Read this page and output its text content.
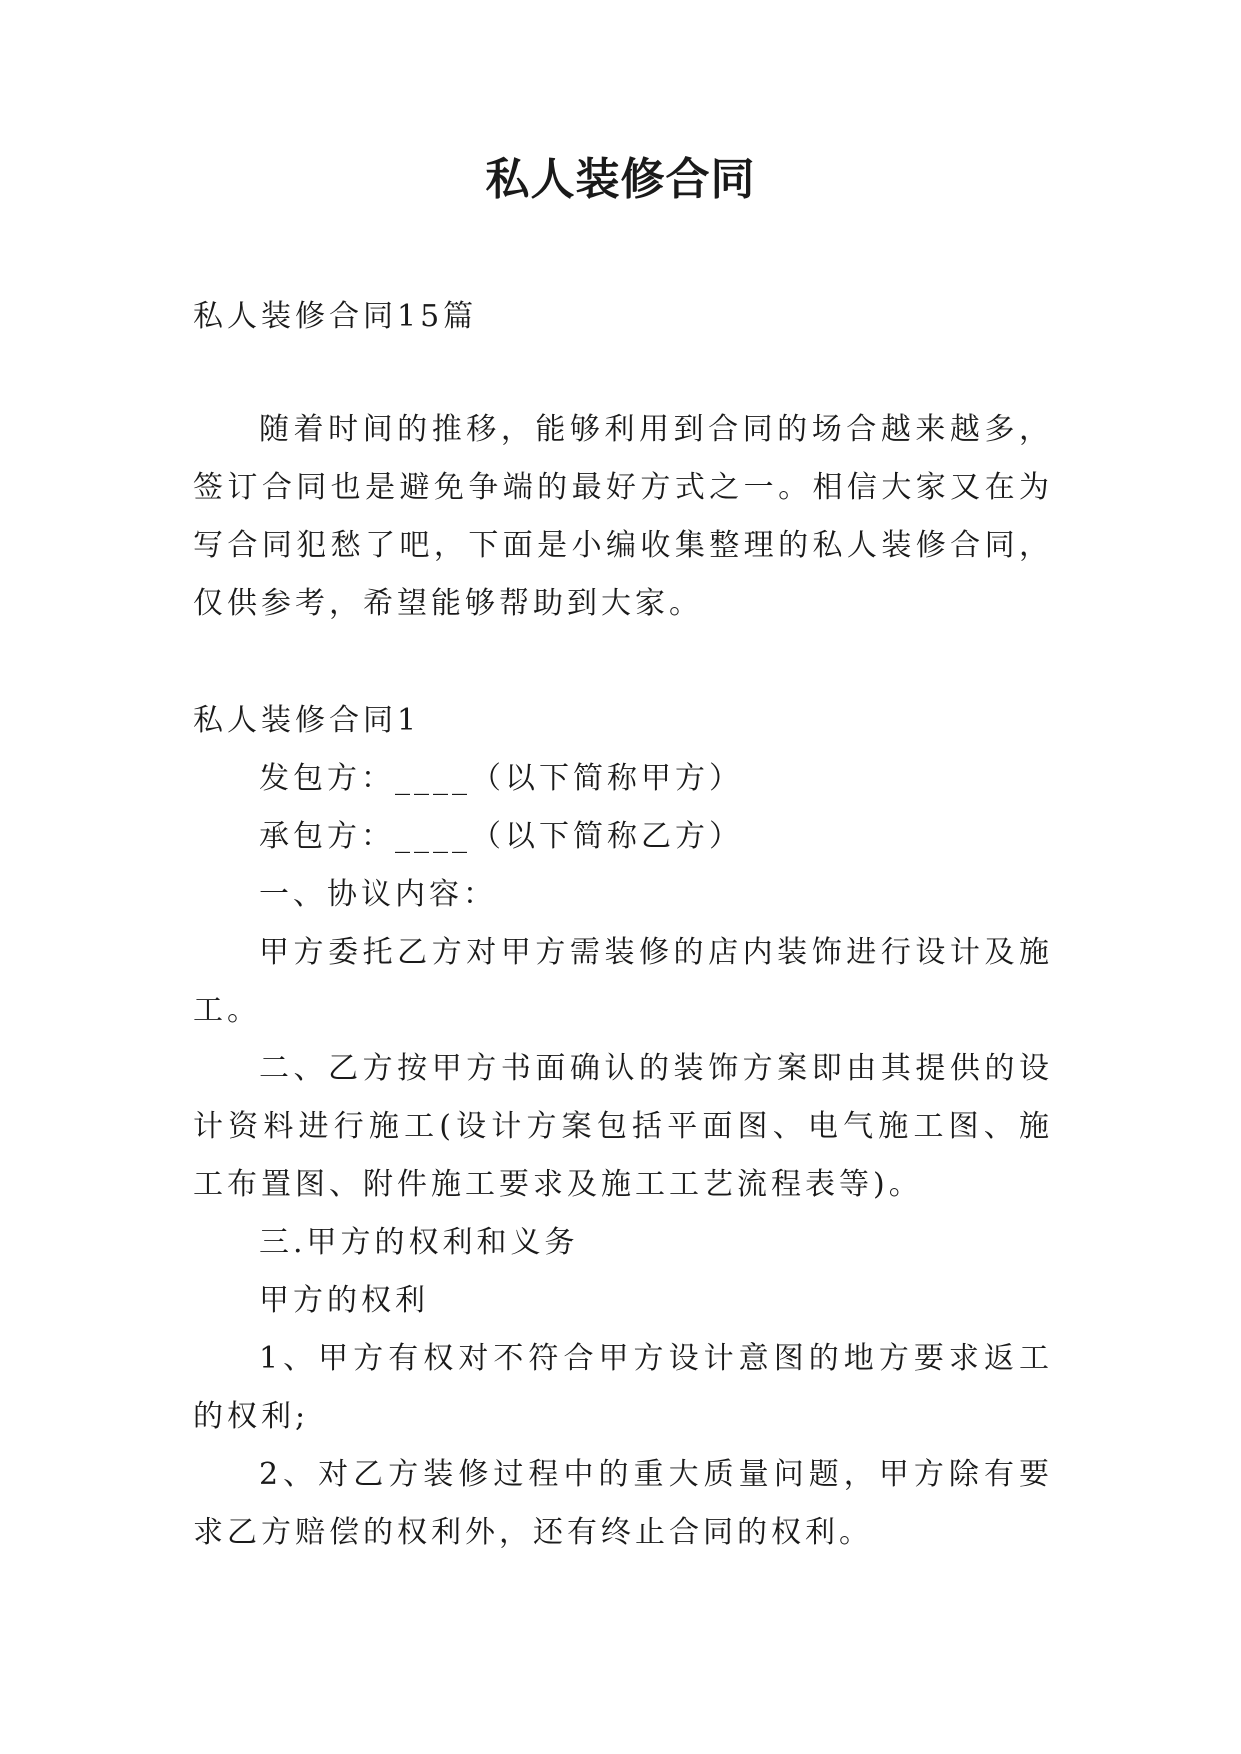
私人装修合同
私人装修合同15篇
随着时间的推移，能够利用到合同的场合越来越多，签订合同也是避免争端的最好方式之一。相信大家又在为写合同犯愁了吧，下面是小编收集整理的私人装修合同，仅供参考，希望能够帮助到大家。
私人装修合同1
发包方：____（以下简称甲方）
承包方：____（以下简称乙方）
一、协议内容：
甲方委托乙方对甲方需装修的店内装饰进行设计及施工。
二、乙方按甲方书面确认的装饰方案即由其提供的设计资料进行施工(设计方案包括平面图、电气施工图、施工布置图、附件施工要求及施工工艺流程表等)。
三.甲方的权利和义务
甲方的权利
1、甲方有权对不符合甲方设计意图的地方要求返工的权利;
2、对乙方装修过程中的重大质量问题，甲方除有要求乙方赔偿的权利外，还有终止合同的权利。
